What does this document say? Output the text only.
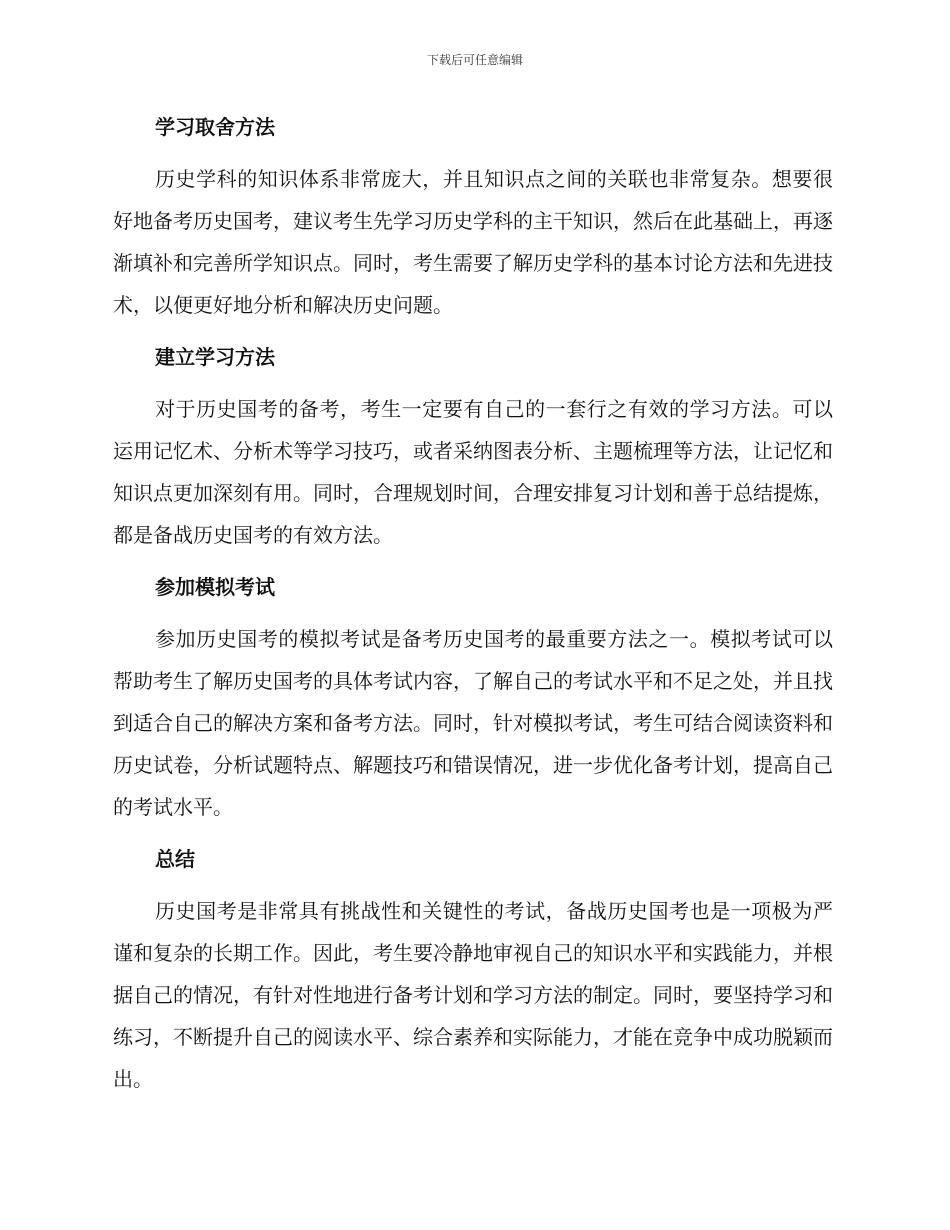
下载后可任意编辑
学习取舍方法

历史学科的知识体系非常庞大，并且知识点之间的关联也非常复杂。想要很好地备考历史国考，建议考生先学习历史学科的主干知识，然后在此基础上，再逐渐填补和完善所学知识点。同时，考生需要了解历史学科的基本讨论方法和先进技术，以便更好地分析和解决历史问题。

建立学习方法

对于历史国考的备考，考生一定要有自己的一套行之有效的学习方法。可以运用记忆术、分析术等学习技巧，或者采纳图表分析、主题梳理等方法，让记忆和知识点更加深刻有用。同时，合理规划时间，合理安排复习计划和善于总结提炼，都是备战历史国考的有效方法。

参加模拟考试

参加历史国考的模拟考试是备考历史国考的最重要方法之一。模拟考试可以帮助考生了解历史国考的具体考试内容，了解自己的考试水平和不足之处，并且找到适合自己的解决方案和备考方法。同时，针对模拟考试，考生可结合阅读资料和历史试卷，分析试题特点、解题技巧和错误情况，进一步优化备考计划，提高自己的考试水平。

总结

历史国考是非常具有挑战性和关键性的考试，备战历史国考也是一项极为严谨和复杂的长期工作。因此，考生要冷静地审视自己的知识水平和实践能力，并根据自己的情况，有针对性地进行备考计划和学习方法的制定。同时，要坚持学习和练习，不断提升自己的阅读水平、综合素养和实际能力，才能在竞争中成功脱颖而出。
